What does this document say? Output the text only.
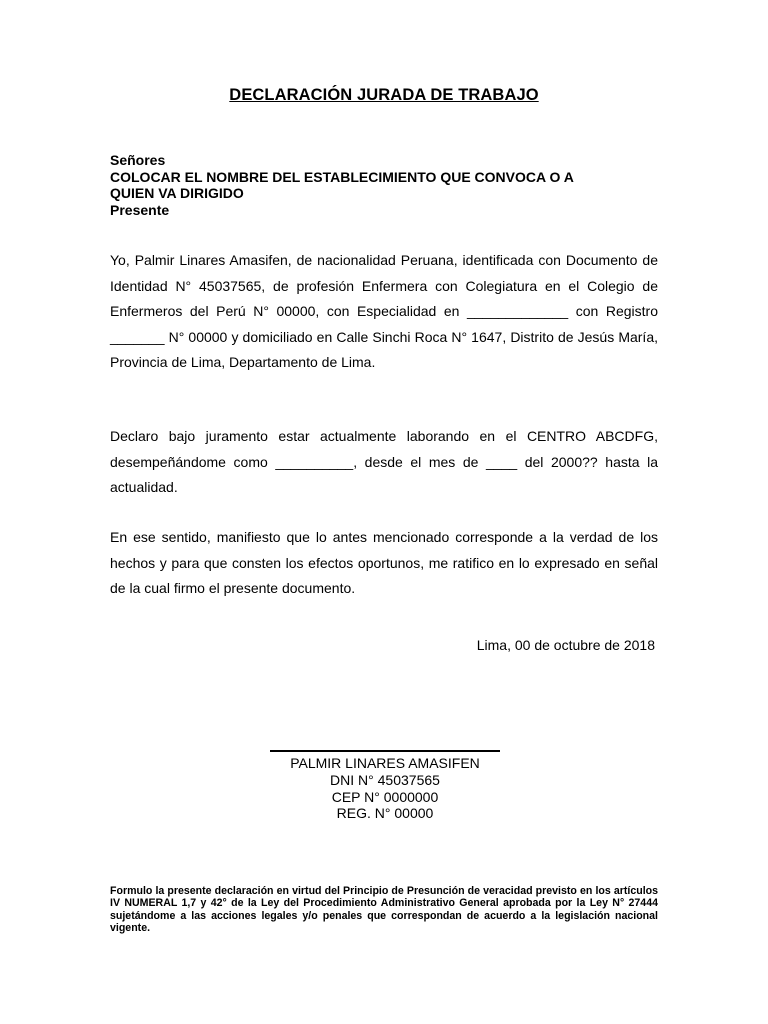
DECLARACIÓN JURADA DE TRABAJO
Señores
COLOCAR EL NOMBRE DEL ESTABLECIMIENTO QUE CONVOCA O A
QUIEN VA DIRIGIDO
Presente
Yo, Palmir Linares Amasifen, de nacionalidad Peruana, identificada con Documento de Identidad N° 45037565, de profesión Enfermera con Colegiatura en el Colegio de Enfermeros del Perú N° 00000, con Especialidad en _____________ con Registro _______ N° 00000 y domiciliado en Calle Sinchi Roca N° 1647, Distrito de Jesús María, Provincia de Lima, Departamento de Lima.
Declaro bajo juramento estar actualmente laborando en el CENTRO ABCDFG, desempeñándome como __________, desde el mes de ____ del 2000?? hasta la actualidad.
En ese sentido, manifiesto que lo antes mencionado corresponde a la verdad de los hechos y para que consten los efectos oportunos, me ratifico en lo expresado en señal de la cual firmo el presente documento.
Lima, 00 de octubre de 2018
PALMIR LINARES AMASIFEN
DNI N° 45037565
CEP N° 0000000
REG. N° 00000
Formulo la presente declaración en virtud del Principio de Presunción de veracidad previsto en los artículos IV NUMERAL 1,7 y 42° de la Ley del Procedimiento Administrativo General aprobada por la Ley N° 27444 sujetándome a las acciones legales y/o penales que correspondan de acuerdo a la legislación nacional vigente.
